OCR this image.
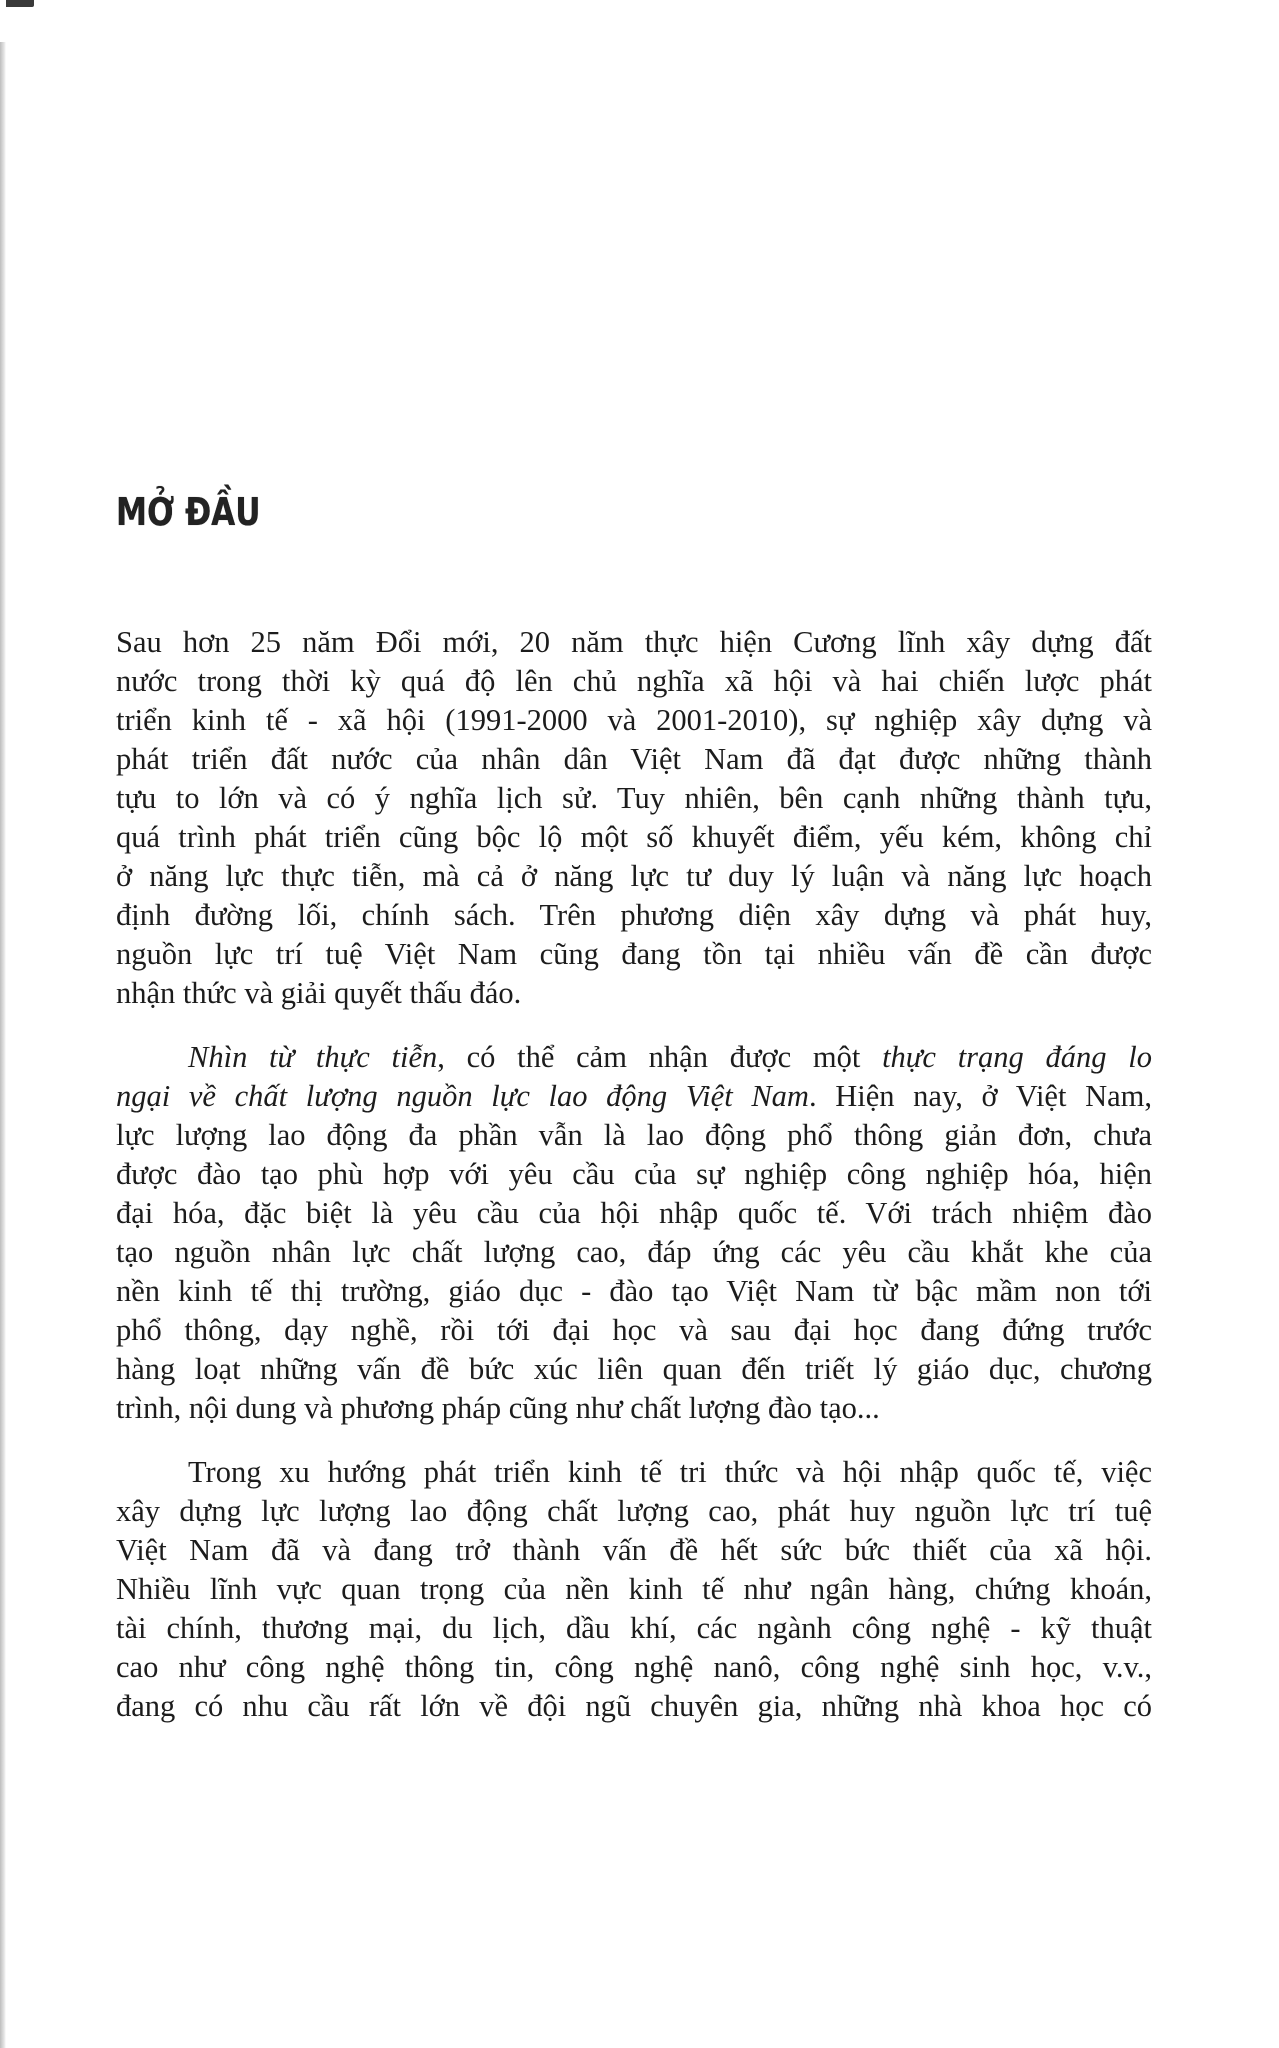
MỞ ĐẦU
Sau hơn 25 năm Đổi mới, 20 năm thực hiện Cương lĩnh xây dựng đất
nước trong thời kỳ quá độ lên chủ nghĩa xã hội và hai chiến lược phát
triển kinh tế - xã hội (1991-2000 và 2001-2010), sự nghiệp xây dựng và
phát triển đất nước của nhân dân Việt Nam đã đạt được những thành
tựu to lớn và có ý nghĩa lịch sử. Tuy nhiên, bên cạnh những thành tựu,
quá trình phát triển cũng bộc lộ một số khuyết điểm, yếu kém, không chỉ
ở năng lực thực tiễn, mà cả ở năng lực tư duy lý luận và năng lực hoạch
định đường lối, chính sách. Trên phương diện xây dựng và phát huy,
nguồn lực trí tuệ Việt Nam cũng đang tồn tại nhiều vấn đề cần được
nhận thức và giải quyết thấu đáo.
Nhìn từ thực tiễn, có thể cảm nhận được một thực trạng đáng lo
ngại về chất lượng nguồn lực lao động Việt Nam. Hiện nay, ở Việt Nam,
lực lượng lao động đa phần vẫn là lao động phổ thông giản đơn, chưa
được đào tạo phù hợp với yêu cầu của sự nghiệp công nghiệp hóa, hiện
đại hóa, đặc biệt là yêu cầu của hội nhập quốc tế. Với trách nhiệm đào
tạo nguồn nhân lực chất lượng cao, đáp ứng các yêu cầu khắt khe của
nền kinh tế thị trường, giáo dục - đào tạo Việt Nam từ bậc mầm non tới
phổ thông, dạy nghề, rồi tới đại học và sau đại học đang đứng trước
hàng loạt những vấn đề bức xúc liên quan đến triết lý giáo dục, chương
trình, nội dung và phương pháp cũng như chất lượng đào tạo...
Trong xu hướng phát triển kinh tế tri thức và hội nhập quốc tế, việc
xây dựng lực lượng lao động chất lượng cao, phát huy nguồn lực trí tuệ
Việt Nam đã và đang trở thành vấn đề hết sức bức thiết của xã hội.
Nhiều lĩnh vực quan trọng của nền kinh tế như ngân hàng, chứng khoán,
tài chính, thương mại, du lịch, dầu khí, các ngành công nghệ - kỹ thuật
cao như công nghệ thông tin, công nghệ nanô, công nghệ sinh học, v.v.,
đang có nhu cầu rất lớn về đội ngũ chuyên gia, những nhà khoa học có
